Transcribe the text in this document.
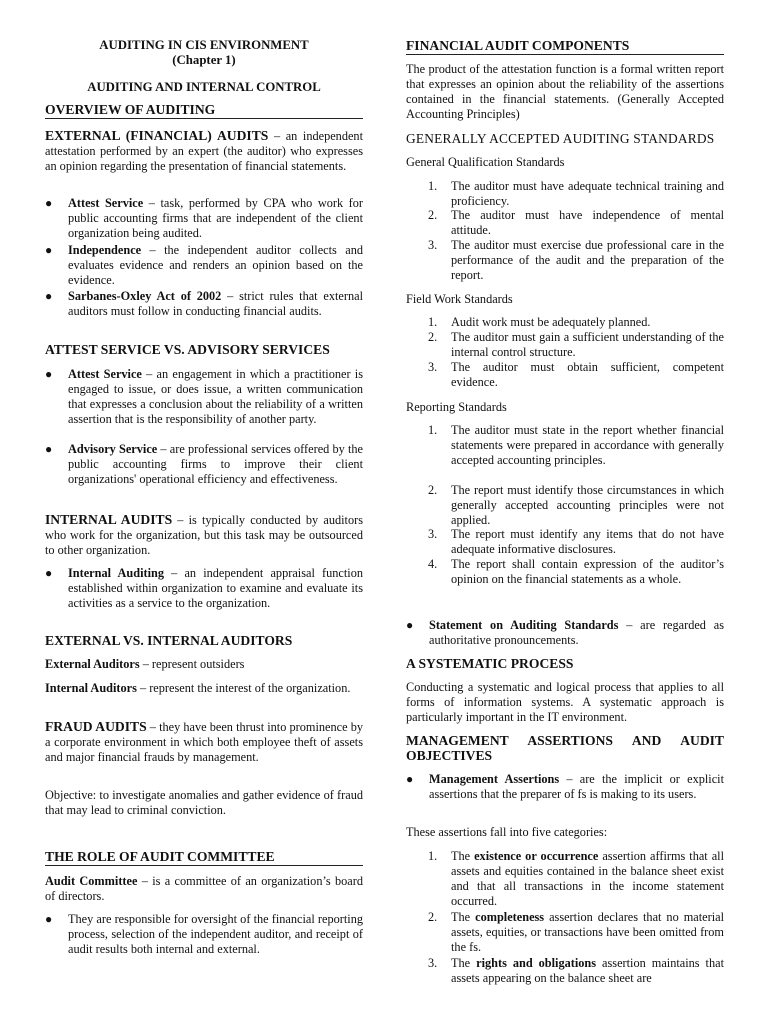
AUDITING IN CIS ENVIRONMENT
(Chapter 1)
AUDITING AND INTERNAL CONTROL
OVERVIEW OF AUDITING
EXTERNAL (FINANCIAL) AUDITS – an independent attestation performed by an expert (the auditor) who expresses an opinion regarding the presentation of financial statements.
● Attest Service – task, performed by CPA who work for public accounting firms that are independent of the client organization being audited.
● Independence – the independent auditor collects and evaluates evidence and renders an opinion based on the evidence.
● Sarbanes-Oxley Act of 2002 – strict rules that external auditors must follow in conducting financial audits.
ATTEST SERVICE VS. ADVISORY SERVICES
● Attest Service – an engagement in which a practitioner is engaged to issue, or does issue, a written communication that expresses a conclusion about the reliability of a written assertion that is the responsibility of another party.
● Advisory Service – are professional services offered by the public accounting firms to improve their client organizations' operational efficiency and effectiveness.
INTERNAL AUDITS – is typically conducted by auditors who work for the organization, but this task may be outsourced to other organization.
● Internal Auditing – an independent appraisal function established within organization to examine and evaluate its activities as a service to the organization.
EXTERNAL VS. INTERNAL AUDITORS
External Auditors – represent outsiders
Internal Auditors – represent the interest of the organization.
FRAUD AUDITS – they have been thrust into prominence by a corporate environment in which both employee theft of assets and major financial frauds by management.
Objective: to investigate anomalies and gather evidence of fraud that may lead to criminal conviction.
THE ROLE OF AUDIT COMMITTEE
Audit Committee – is a committee of an organization’s board of directors.
● They are responsible for oversight of the financial reporting process, selection of the independent auditor, and receipt of audit results both internal and external.
FINANCIAL AUDIT COMPONENTS
The product of the attestation function is a formal written report that expresses an opinion about the reliability of the assertions contained in the financial statements. (Generally Accepted Accounting Principles)
GENERALLY ACCEPTED AUDITING STANDARDS
General Qualification Standards
1. The auditor must have adequate technical training and proficiency.
2. The auditor must have independence of mental attitude.
3. The auditor must exercise due professional care in the performance of the audit and the preparation of the report.
Field Work Standards
1. Audit work must be adequately planned.
2. The auditor must gain a sufficient understanding of the internal control structure.
3. The auditor must obtain sufficient, competent evidence.
Reporting Standards
1. The auditor must state in the report whether financial statements were prepared in accordance with generally accepted accounting principles.
2. The report must identify those circumstances in which generally accepted accounting principles were not applied.
3. The report must identify any items that do not have adequate informative disclosures.
4. The report shall contain expression of the auditor’s opinion on the financial statements as a whole.
● Statement on Auditing Standards – are regarded as authoritative pronouncements.
A SYSTEMATIC PROCESS
Conducting a systematic and logical process that applies to all forms of information systems. A systematic approach is particularly important in the IT environment.
MANAGEMENT ASSERTIONS AND AUDIT OBJECTIVES
● Management Assertions – are the implicit or explicit assertions that the preparer of fs is making to its users.
These assertions fall into five categories:
1. The existence or occurrence assertion affirms that all assets and equities contained in the balance sheet exist and that all transactions in the income statement occurred.
2. The completeness assertion declares that no material assets, equities, or transactions have been omitted from the fs.
3. The rights and obligations assertion maintains that assets appearing on the balance sheet are
